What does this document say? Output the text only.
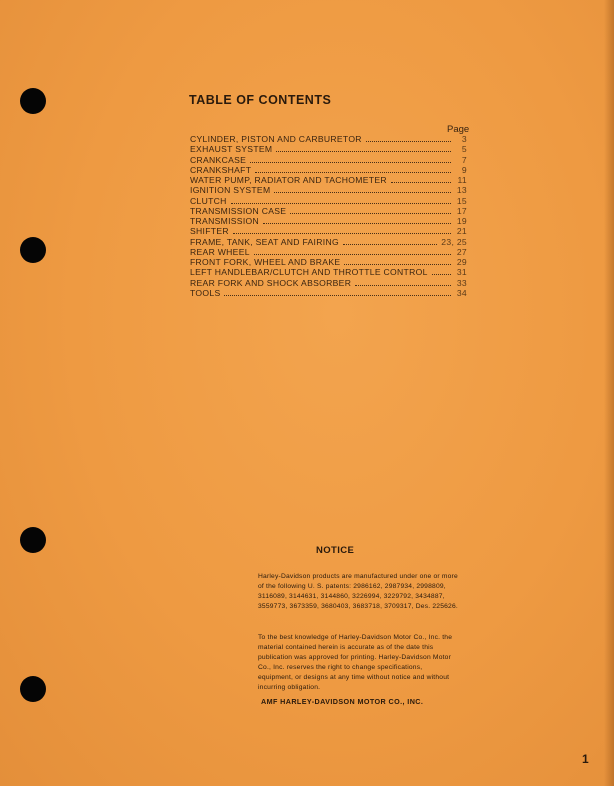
TABLE OF CONTENTS
Page
CYLINDER, PISTON AND CARBURETOR	3
EXHAUST SYSTEM	5
CRANKCASE	7
CRANKSHAFT	9
WATER PUMP, RADIATOR AND TACHOMETER	11
IGNITION SYSTEM	13
CLUTCH	15
TRANSMISSION CASE	17
TRANSMISSION	19
SHIFTER	21
FRAME, TANK, SEAT AND FAIRING	23, 25
REAR WHEEL	27
FRONT FORK, WHEEL AND BRAKE	29
LEFT HANDLEBAR/CLUTCH AND THROTTLE CONTROL	31
REAR FORK AND SHOCK ABSORBER	33
TOOLS	34
NOTICE
Harley-Davidson products are manufactured under one or more of the following U. S. patents: 2986162, 2987934, 2998809, 3116089, 3144631, 3144860, 3226994, 3229792, 3434887, 3559773, 3673359, 3680403, 3683718, 3709317, Des. 225626.
To the best knowledge of Harley-Davidson Motor Co., Inc. the material contained herein is accurate as of the date this publication was approved for printing. Harley-Davidson Motor Co., Inc. reserves the right to change specifications, equipment, or designs at any time without notice and without incurring obligation.
AMF HARLEY-DAVIDSON MOTOR CO., INC.
1
